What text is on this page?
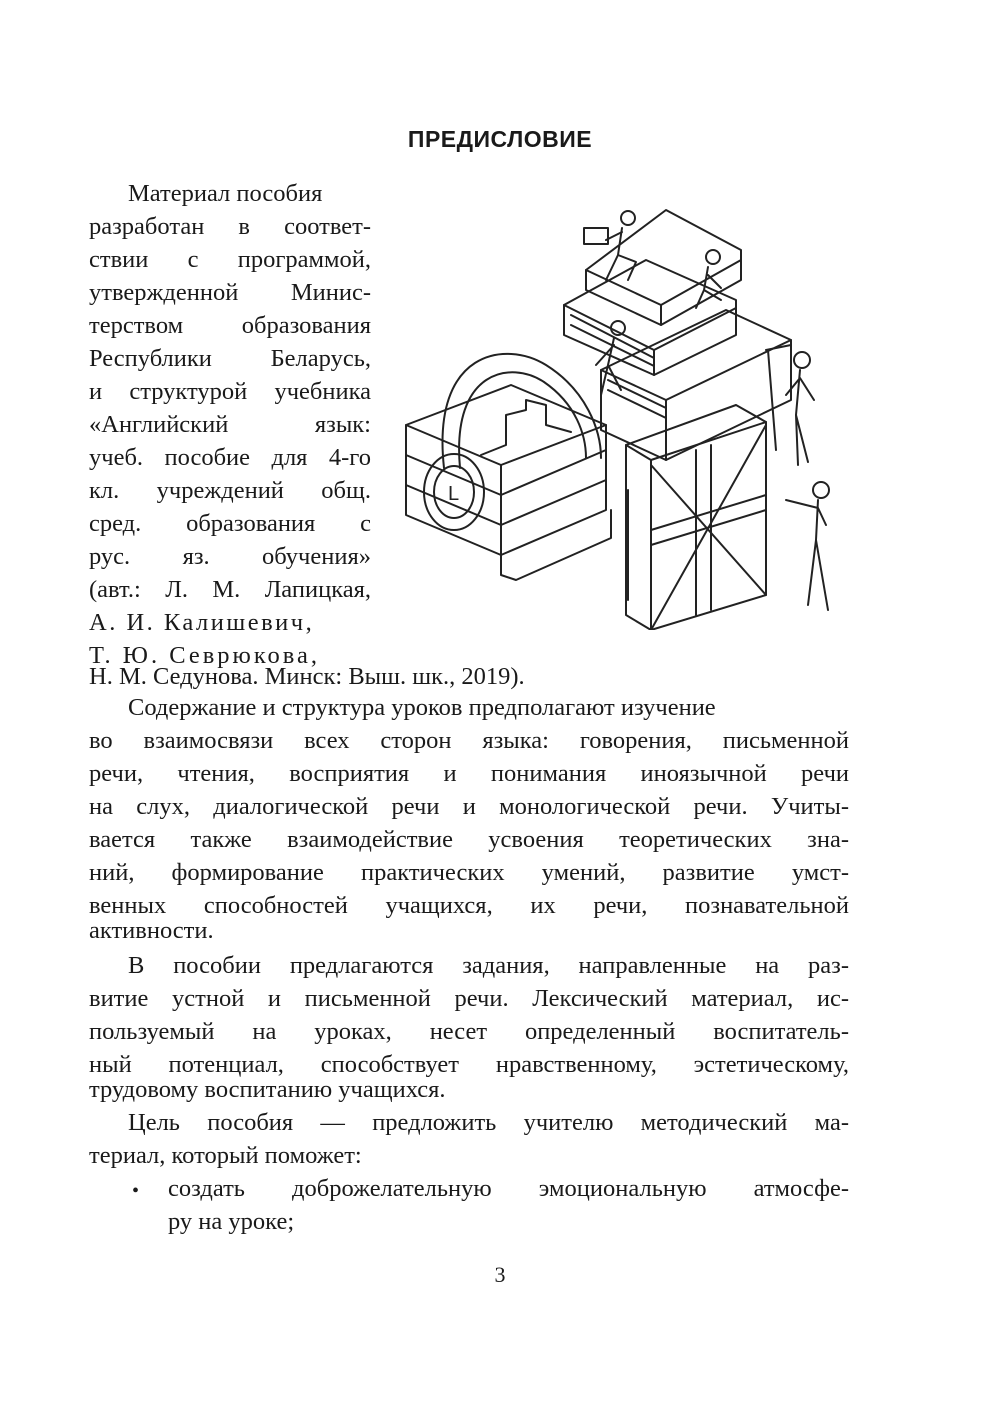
ПРЕДИСЛОВИЕ
Материал пособия
разработан в соответ-
ствии с программой,
утвержденной Минис-
терством образования
Республики Беларусь,
и структурой учебника
«Английский язык:
учеб. пособие для 4-го
кл. учреждений общ.
сред. образования с
рус. яз. обучения»
(авт.: Л. М. Лапицкая,
А. И. Калишевич,
Т. Ю. Севрюкова,
Н. М. Седунова. Минск: Выш. шк., 2019).
L
Содержание и структура уроков предполагают изучение
во взаимосвязи всех сторон языка: говорения, письменной
речи, чтения, восприятия и понимания иноязычной речи
на слух, диалогической речи и монологической речи. Учиты-
вается также взаимодействие усвоения теоретических зна-
ний, формирование практических умений, развитие умст-
венных способностей учащихся, их речи, познавательной
активности.
В пособии предлагаются задания, направленные на раз-
витие устной и письменной речи. Лексический материал, ис-
пользуемый на уроках, несет определенный воспитатель-
ный потенциал, способствует нравственному, эстетическому,
трудовому воспитанию учащихся.
Цель пособия — предложить учителю методический ма-
териал, который поможет:
• создать доброжелательную эмоциональную атмосфе-
ру на уроке;
3
